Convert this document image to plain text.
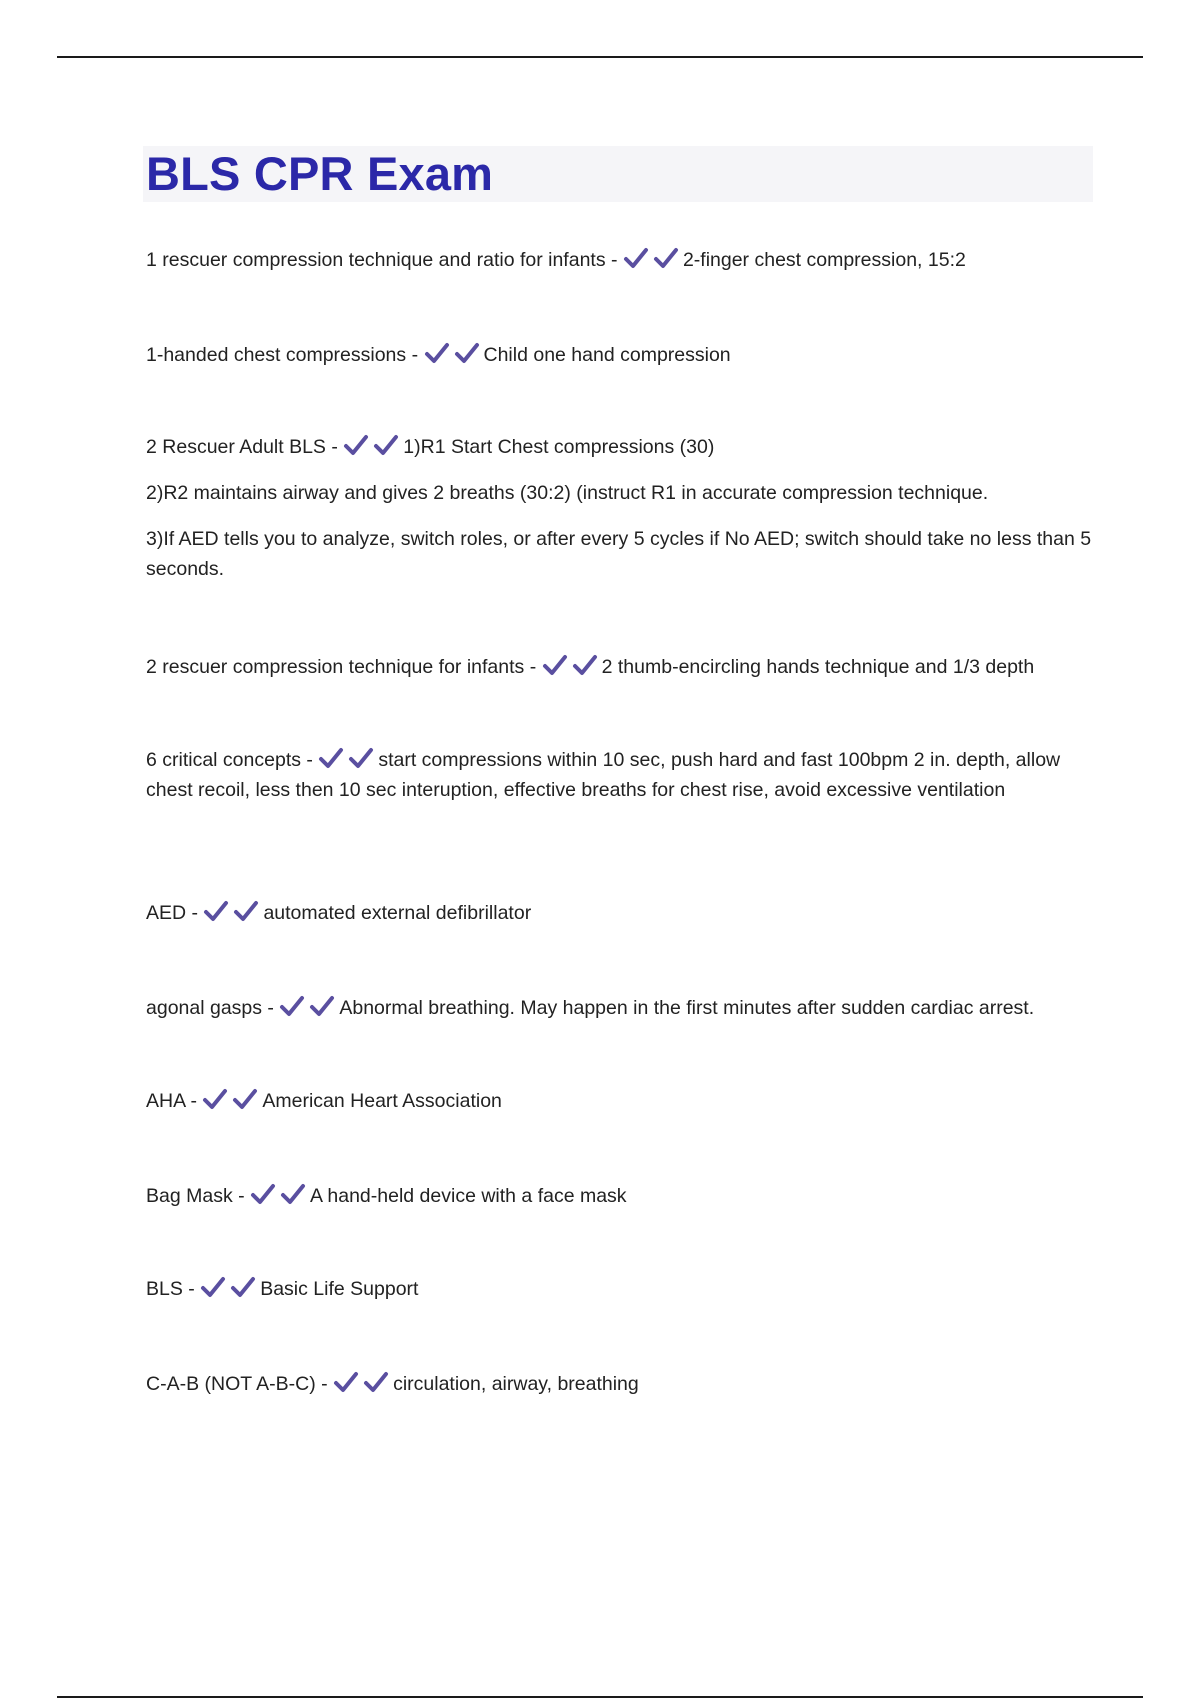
BLS CPR Exam

1 rescuer compression technique and ratio for infants -	2-finger chest compression, 15:2

1-handed chest compressions -	Child one hand compression

2 Rescuer Adult BLS -	1)R1 Start Chest compressions (30)

2)R2 maintains airway and gives 2 breaths (30:2) (instruct R1 in accurate compression technique.

3)If AED tells you to analyze, switch roles, or after every 5 cycles if No AED; switch should take no less than 5 seconds.

2 rescuer compression technique for infants -	2 thumb-encircling hands technique and 1/3 depth

6 critical concepts -	start compressions within 10 sec, push hard and fast 100bpm 2 in. depth, allow chest recoil, less then 10 sec interuption, effective breaths for chest rise, avoid excessive ventilation

AED -	automated external defibrillator

agonal gasps -	Abnormal breathing. May happen in the first minutes after sudden cardiac arrest.

AHA -	American Heart Association

Bag Mask -	A hand-held device with a face mask

BLS -	Basic Life Support

C-A-B (NOT A-B-C) -	circulation, airway, breathing
